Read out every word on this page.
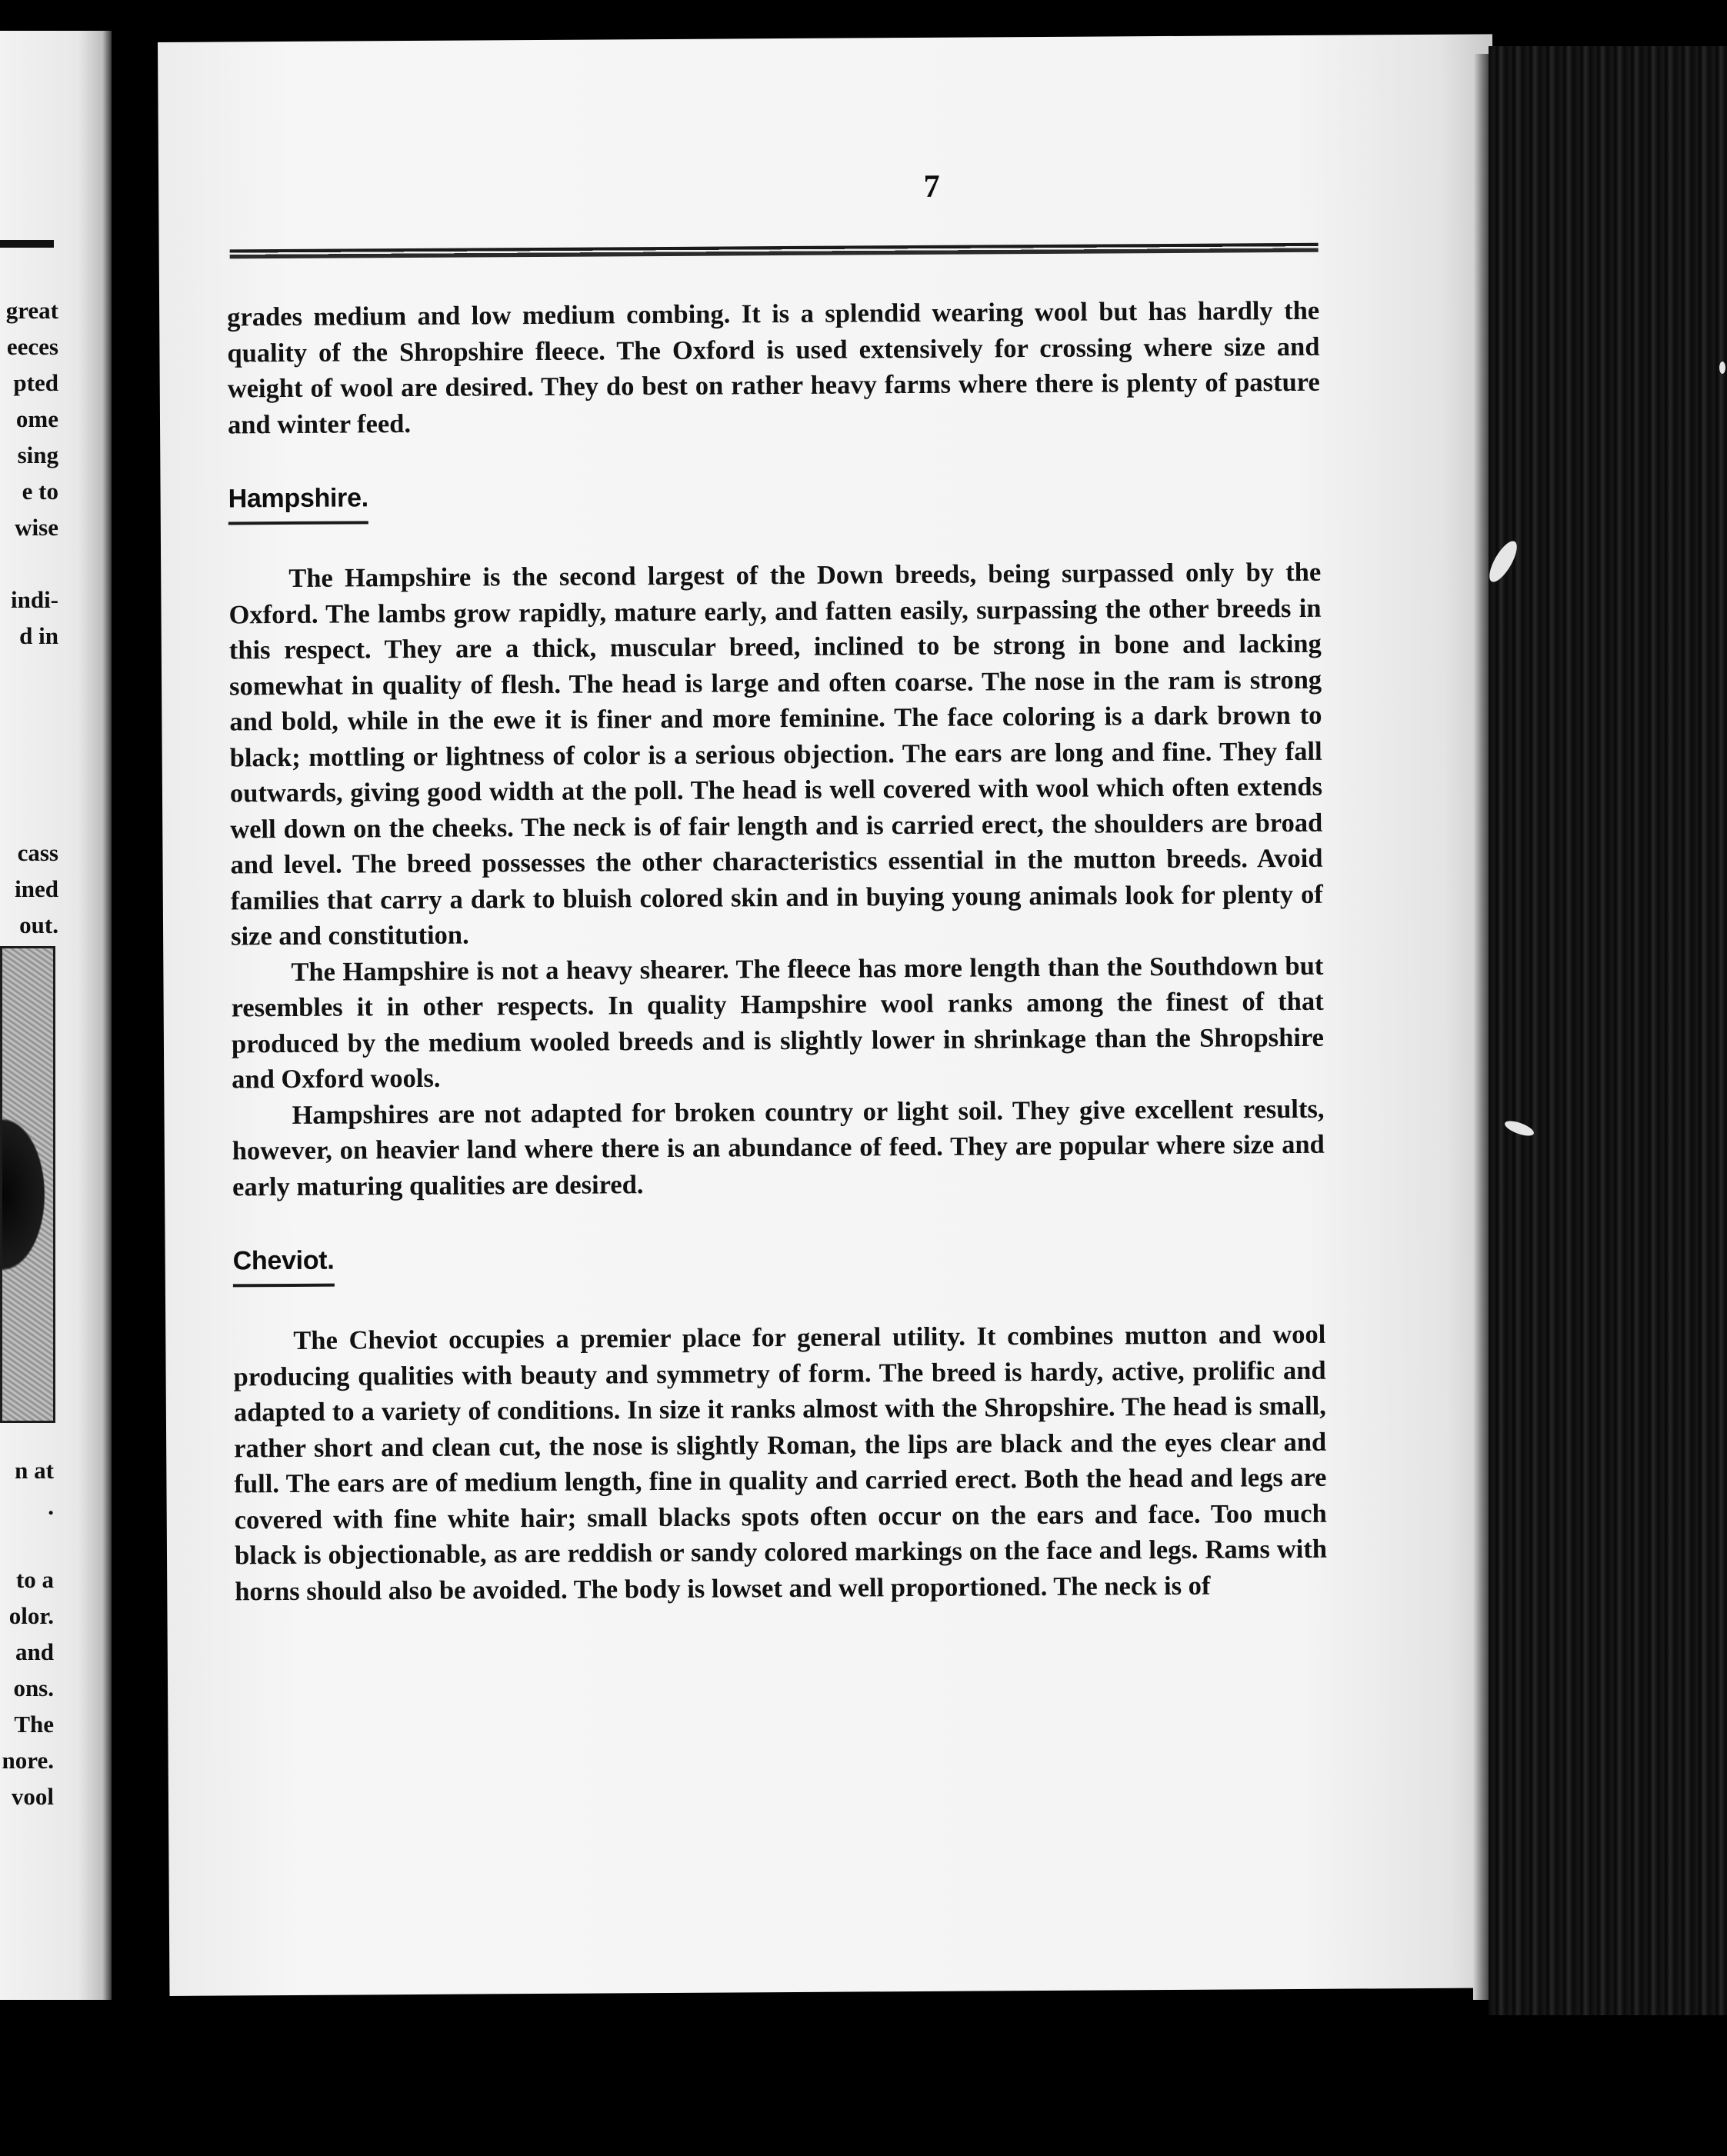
great
eeces
pted
ome
sing
e to
wise
indi-
d in
cass
ined
out.
n at
.
to a
olor.
and
ons.
The
nore.
vool
7

grades medium and low medium combing. It is a splendid wearing wool but has hardly the quality of the Shropshire fleece. The Oxford is used extensively for crossing where size and weight of wool are desired. They do best on rather heavy farms where there is plenty of pasture and winter feed.

Hampshire.

The Hampshire is the second largest of the Down breeds, being surpassed only by the Oxford. The lambs grow rapidly, mature early, and fatten easily, surpassing the other breeds in this respect. They are a thick, muscular breed, inclined to be strong in bone and lacking somewhat in quality of flesh. The head is large and often coarse. The nose in the ram is strong and bold, while in the ewe it is finer and more feminine. The face coloring is a dark brown to black; mottling or lightness of color is a serious objection. The ears are long and fine. They fall outwards, giving good width at the poll. The head is well covered with wool which often extends well down on the cheeks. The neck is of fair length and is carried erect, the shoulders are broad and level. The breed possesses the other characteristics essential in the mutton breeds. Avoid families that carry a dark to bluish colored skin and in buying young animals look for plenty of size and constitution.

The Hampshire is not a heavy shearer. The fleece has more length than the Southdown but resembles it in other respects. In quality Hampshire wool ranks among the finest of that produced by the medium wooled breeds and is slightly lower in shrinkage than the Shropshire and Oxford wools.

Hampshires are not adapted for broken country or light soil. They give excellent results, however, on heavier land where there is an abundance of feed. They are popular where size and early maturing qualities are desired.

Cheviot.

The Cheviot occupies a premier place for general utility. It combines mutton and wool producing qualities with beauty and symmetry of form. The breed is hardy, active, prolific and adapted to a variety of conditions. In size it ranks almost with the Shropshire. The head is small, rather short and clean cut, the nose is slightly Roman, the lips are black and the eyes clear and full. The ears are of medium length, fine in quality and carried erect. Both the head and legs are covered with fine white hair; small blacks spots often occur on the ears and face. Too much black is objectionable, as are reddish or sandy colored markings on the face and legs. Rams with horns should also be avoided. The body is lowset and well proportioned. The neck is of
